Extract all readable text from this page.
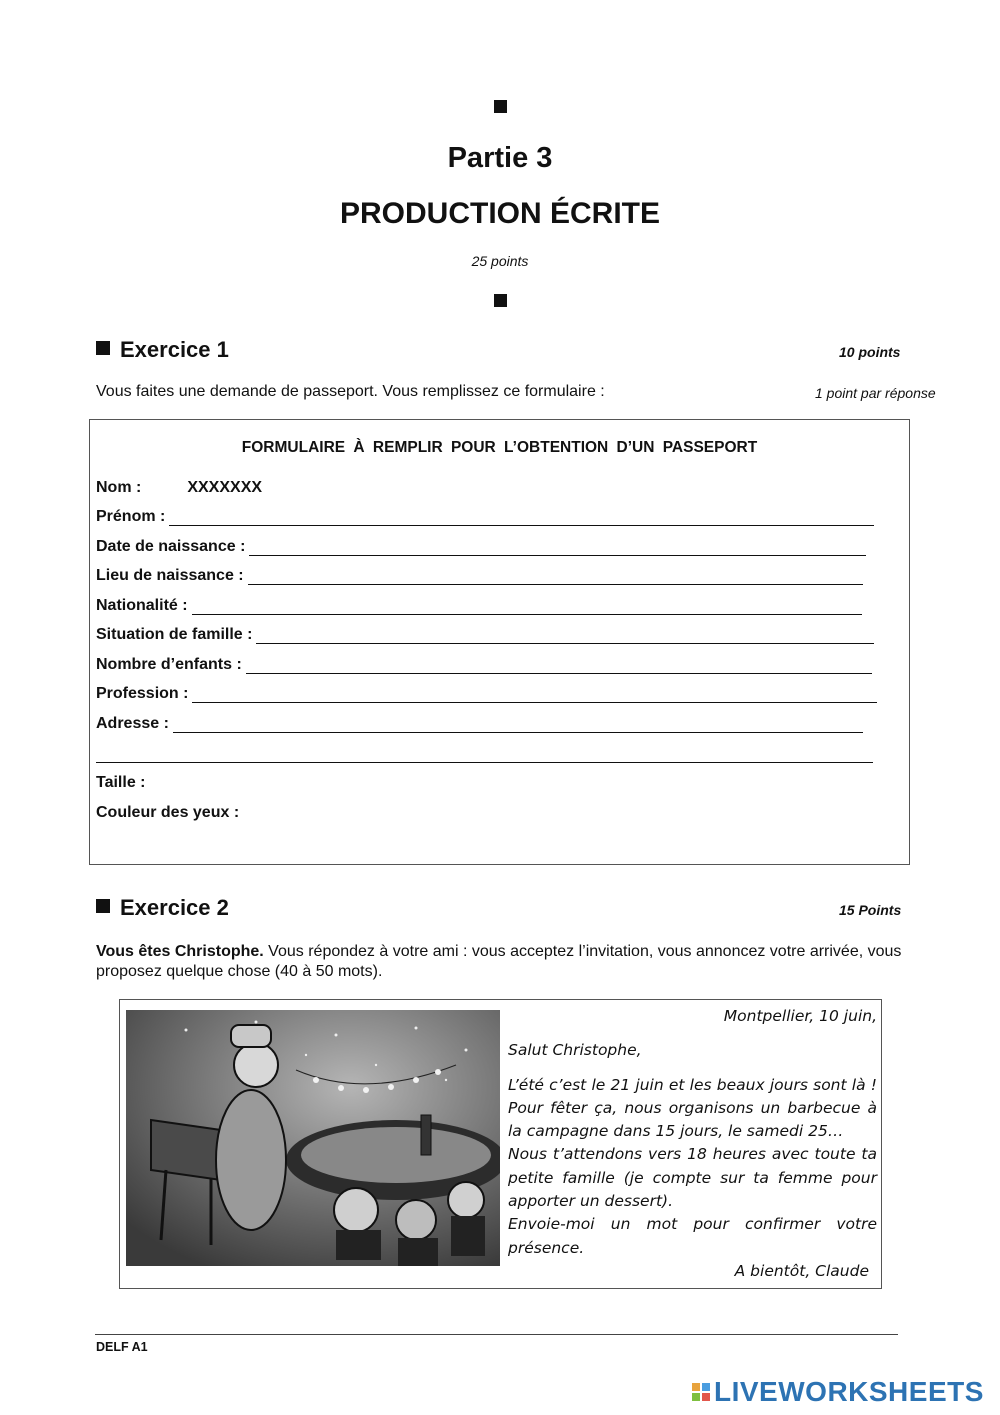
Partie 3
PRODUCTION ÉCRITE
25 points
Exercice 1	10 points
Vous faites une demande de passeport. Vous remplissez ce formulaire :	1 point par réponse
FORMULAIRE À REMPLIR POUR L’OBTENTION D’UN PASSEPORT
Nom :	XXXXXXX
Prénom :
Date de naissance :
Lieu de naissance :
Nationalité :
Situation de famille :
Nombre d’enfants :
Profession :
Adresse :
Taille :
Couleur des yeux :
Exercice 2	15 Points
Vous êtes Christophe. Vous répondez à votre ami : vous acceptez l’invitation, vous annoncez votre arrivée, vous proposez quelque chose (40 à 50 mots).
Montpellier, 10 juin,
Salut Christophe,
L’été c’est le 21 juin et les beaux jours sont là ! Pour fêter ça, nous organisons un barbecue à la campagne dans 15 jours, le samedi 25…
Nous t’attendons vers 18 heures avec toute ta petite famille (je compte sur ta femme pour apporter un dessert).
Envoie-moi un mot pour confirmer votre présence.
A bientôt, Claude
DELF A1
LIVEWORKSHEETS
